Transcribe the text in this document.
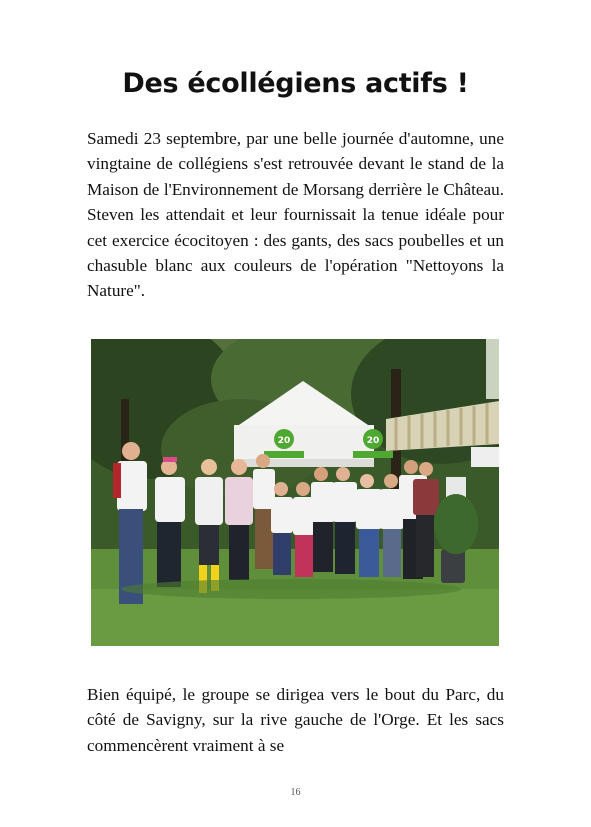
Des écollégiens actifs !

Samedi 23 septembre, par une belle journée d'automne, une vingtaine de collégiens s'est retrouvée devant le stand de la Maison de l'Environnement de Morsang derrière le Château. Steven les attendait et leur fournissait la tenue idéale pour cet exercice écocitoyen : des gants, des sacs poubelles et un chasuble blanc aux couleurs de l'opération "Nettoyons la Nature".

20	20

Bien équipé, le groupe se dirigea vers le bout du Parc, du côté de Savigny, sur la rive gauche de l'Orge. Et les sacs commencèrent vraiment à se

16
